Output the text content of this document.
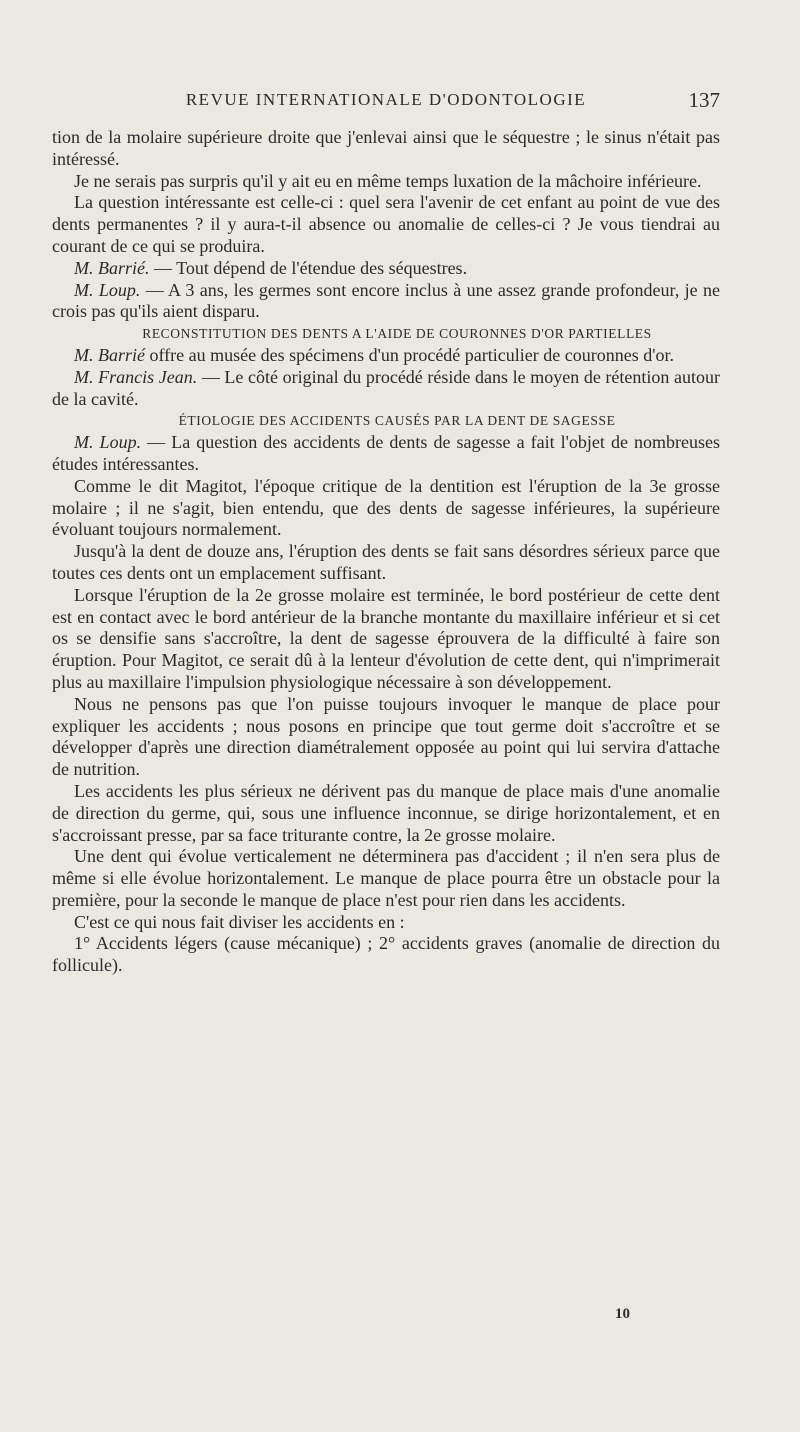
REVUE INTERNATIONALE D'ODONTOLOGIE	137

tion de la molaire supérieure droite que j'enlevai ainsi que le séquestre ; le sinus n'était pas intéressé.

Je ne serais pas surpris qu'il y ait eu en même temps luxation de la mâchoire inférieure.

La question intéressante est celle-ci : quel sera l'avenir de cet enfant au point de vue des dents permanentes ? il y aura-t-il absence ou anomalie de celles-ci ? Je vous tiendrai au courant de ce qui se produira.

M. Barrié. — Tout dépend de l'étendue des séquestres.

M. Loup. — A 3 ans, les germes sont encore inclus à une assez grande profondeur, je ne crois pas qu'ils aient disparu.

RECONSTITUTION DES DENTS A L'AIDE DE COURONNES D'OR PARTIELLES

M. Barrié offre au musée des spécimens d'un procédé particulier de couronnes d'or.

M. Francis Jean. — Le côté original du procédé réside dans le moyen de rétention autour de la cavité.

ÉTIOLOGIE DES ACCIDENTS CAUSÉS PAR LA DENT DE SAGESSE

M. Loup. — La question des accidents de dents de sagesse a fait l'objet de nombreuses études intéressantes.

Comme le dit Magitot, l'époque critique de la dentition est l'éruption de la 3e grosse molaire ; il ne s'agit, bien entendu, que des dents de sagesse inférieures, la supérieure évoluant toujours normalement.

Jusqu'à la dent de douze ans, l'éruption des dents se fait sans désordres sérieux parce que toutes ces dents ont un emplacement suffisant.

Lorsque l'éruption de la 2e grosse molaire est terminée, le bord postérieur de cette dent est en contact avec le bord antérieur de la branche montante du maxillaire inférieur et si cet os se densifie sans s'accroître, la dent de sagesse éprouvera de la difficulté à faire son éruption. Pour Magitot, ce serait dû à la lenteur d'évolution de cette dent, qui n'imprimerait plus au maxillaire l'impulsion physiologique nécessaire à son développement.

Nous ne pensons pas que l'on puisse toujours invoquer le manque de place pour expliquer les accidents ; nous posons en principe que tout germe doit s'accroître et se développer d'après une direction diamétralement opposée au point qui lui servira d'attache de nutrition.

Les accidents les plus sérieux ne dérivent pas du manque de place mais d'une anomalie de direction du germe, qui, sous une influence inconnue, se dirige horizontalement, et en s'accroissant presse, par sa face triturante contre, la 2e grosse molaire.

Une dent qui évolue verticalement ne déterminera pas d'accident ; il n'en sera plus de même si elle évolue horizontalement. Le manque de place pourra être un obstacle pour la première, pour la seconde le manque de place n'est pour rien dans les accidents.

C'est ce qui nous fait diviser les accidents en :

1° Accidents légers (cause mécanique) ; 2° accidents graves (anomalie de direction du follicule).

10
